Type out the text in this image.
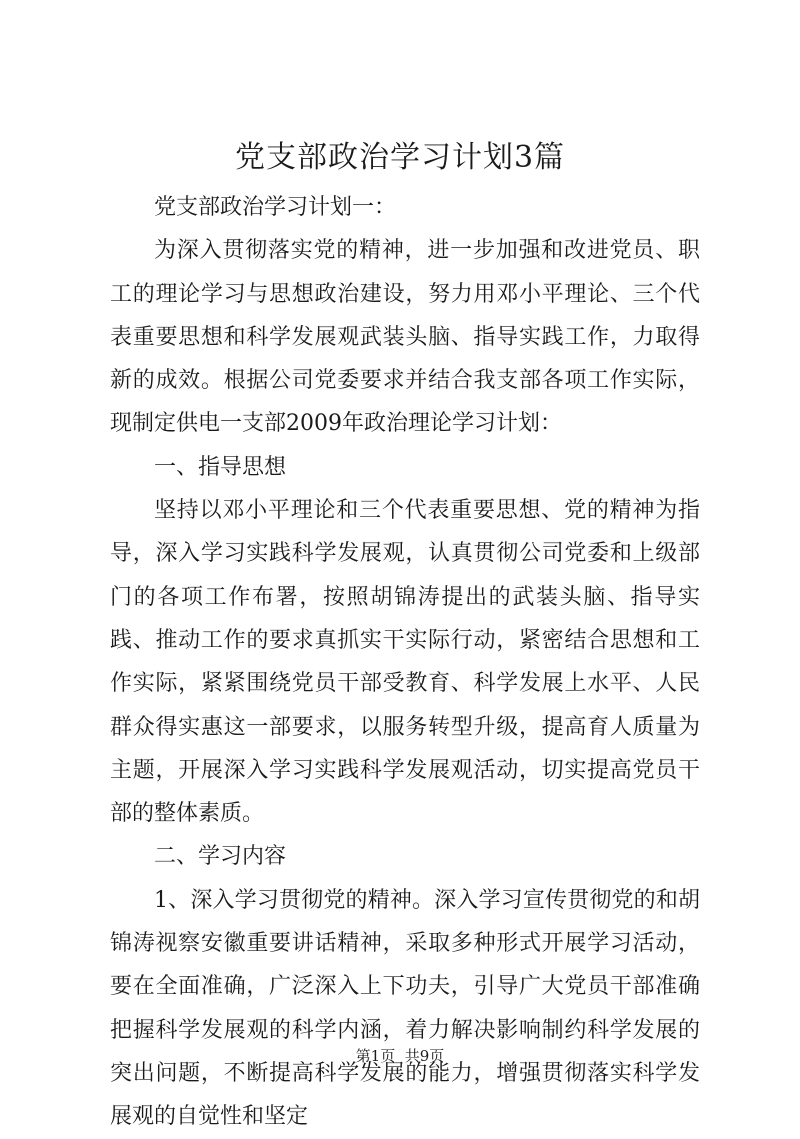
党支部政治学习计划3篇

党支部政治学习计划一：

为深入贯彻落实党的精神，进一步加强和改进党员、职工的理论学习与思想政治建设，努力用邓小平理论、三个代表重要思想和科学发展观武装头脑、指导实践工作，力取得新的成效。根据公司党委要求并结合我支部各项工作实际，现制定供电一支部2009年政治理论学习计划：

一、指导思想

坚持以邓小平理论和三个代表重要思想、党的精神为指导，深入学习实践科学发展观，认真贯彻公司党委和上级部门的各项工作布署，按照胡锦涛提出的武装头脑、指导实践、推动工作的要求真抓实干实际行动，紧密结合思想和工作实际，紧紧围绕党员干部受教育、科学发展上水平、人民群众得实惠这一部要求，以服务转型升级，提高育人质量为主题，开展深入学习实践科学发展观活动，切实提高党员干部的整体素质。

二、学习内容

1、深入学习贯彻党的精神。深入学习宣传贯彻党的和胡锦涛视察安徽重要讲话精神，采取多种形式开展学习活动，要在全面准确，广泛深入上下功夫，引导广大党员干部准确把握科学发展观的科学内涵，着力解决影响制约科学发展的突出问题，不断提高科学发展的能力，增强贯彻落实科学发展观的自觉性和坚定

第1页 共9页
